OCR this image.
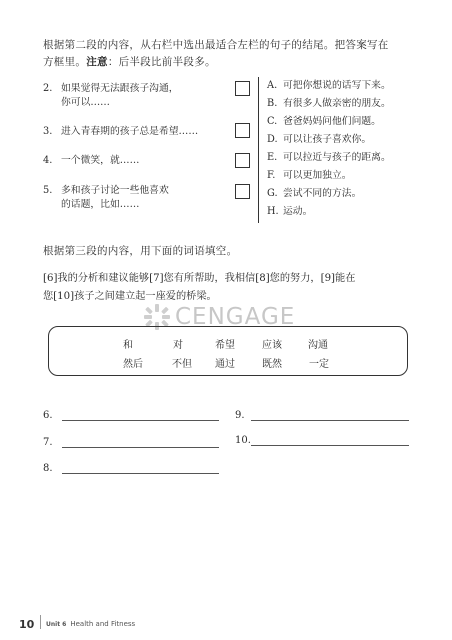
根据第二段的内容，从右栏中选出最适合左栏的句子的结尾。把答案写在
方框里。注意：后半段比前半段多。
2. 如果觉得无法跟孩子沟通，
你可以……
3. 进入青春期的孩子总是希望……
4. 一个微笑，就……
5. 多和孩子讨论一些他喜欢
的话题，比如……
A. 可把你想说的话写下来。
B. 有很多人做亲密的朋友。
C. 爸爸妈妈问他们问题。
D. 可以让孩子喜欢你。
E. 可以拉近与孩子的距离。
F. 可以更加独立。
G. 尝试不同的方法。
H. 运动。
根据第三段的内容，用下面的词语填空。
[6]我的分析和建议能够[7]您有所帮助，我相信[8]您的努力，[9]能在
您[10]孩子之间建立起一座爱的桥梁。
CENGAGE
和	对	希望	应该	沟通
然后	不但 通过	既然	一定
6.
7.
8.
9.
10.
10 Unit 6 Health and Fitness
